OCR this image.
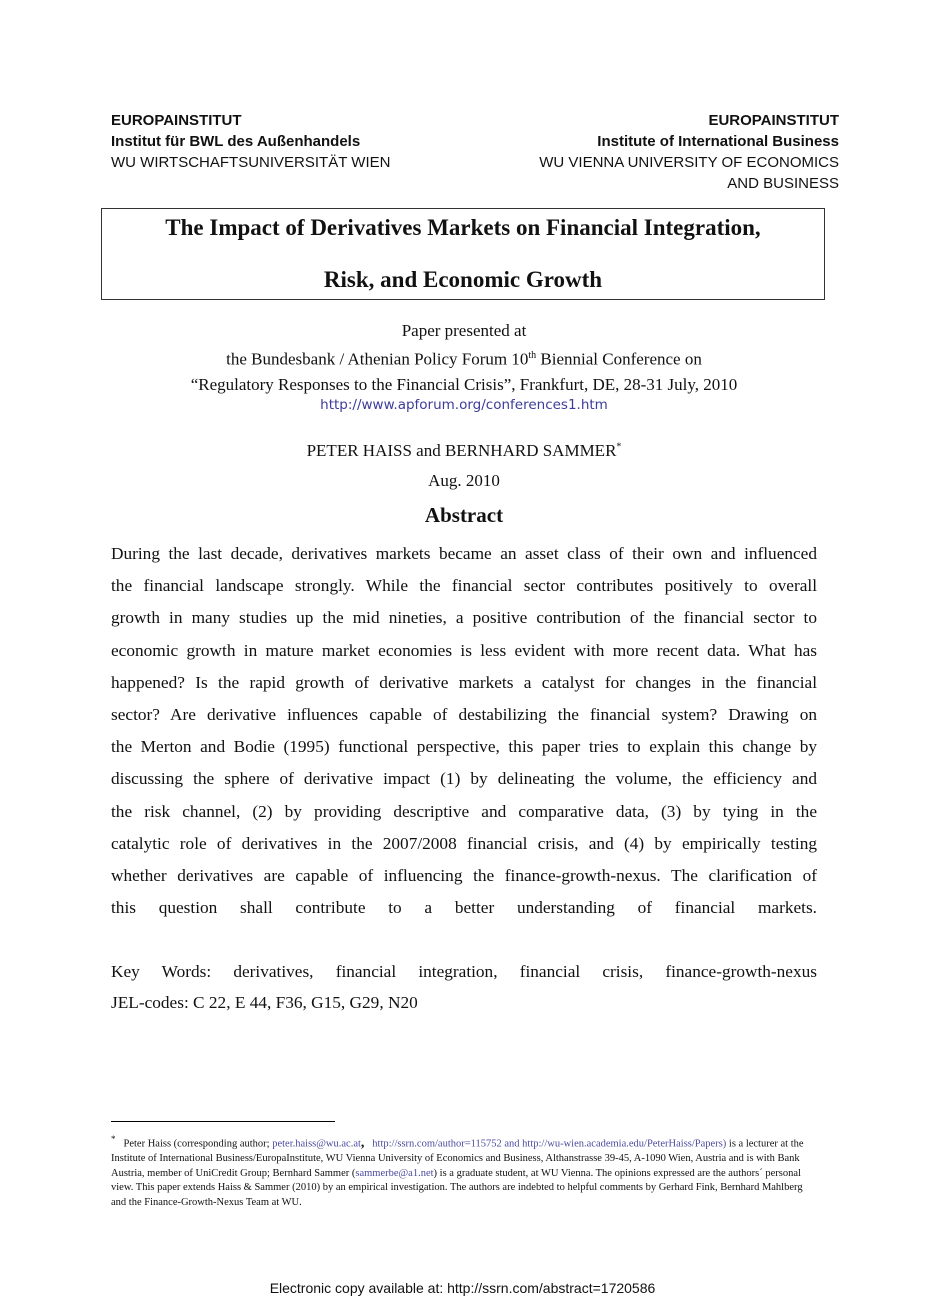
EUROPAINSTITUT
Institut für BWL des Außenhandels
WU WIRTSCHAFTSUNIVERSITÄT WIEN
EUROPAINSTITUT
Institute of International Business
WU VIENNA UNIVERSITY OF ECONOMICS
AND BUSINESS
The Impact of Derivatives Markets on Financial Integration,
Risk, and Economic Growth
Paper presented at
the Bundesbank / Athenian Policy Forum 10th Biennial Conference on
“Regulatory Responses to the Financial Crisis”, Frankfurt, DE, 28-31 July, 2010
http://www.apforum.org/conferences1.htm
PETER HAISS and BERNHARD SAMMER*
Aug. 2010
Abstract
During the last decade, derivatives markets became an asset class of their own and influenced
the financial landscape strongly. While the financial sector contributes positively to overall
growth in many studies up the mid nineties, a positive contribution of the financial sector to
economic growth in mature market economies is less evident with more recent data. What has
happened? Is the rapid growth of derivative markets a catalyst for changes in the financial
sector? Are derivative influences capable of destabilizing the financial system? Drawing on
the Merton and Bodie (1995) functional perspective, this paper tries to explain this change by
discussing the sphere of derivative impact (1) by delineating the volume, the efficiency and
the risk channel, (2) by providing descriptive and comparative data, (3) by tying in the
catalytic role of derivatives in the 2007/2008 financial crisis, and (4) by empirically testing
whether derivatives are capable of influencing the finance-growth-nexus. The clarification of
this question shall contribute to a better understanding of financial markets.
Key Words: derivatives, financial integration, financial crisis, finance-growth-nexus
JEL-codes: C 22, E 44, F36, G15, G29, N20
* Peter Haiss (corresponding author; peter.haiss@wu.ac.at, http://ssrn.com/author=115752 and http://wu-wien.academia.edu/PeterHaiss/Papers) is a lecturer at the Institute of International Business/EuropaInstitute, WU Vienna University of Economics and Business, Althanstrasse 39-45, A-1090 Wien, Austria and is with Bank Austria, member of UniCredit Group; Bernhard Sammer (sammerbe@a1.net) is a graduate student, at WU Vienna. The opinions expressed are the authors´ personal view. This paper extends Haiss & Sammer (2010) by an empirical investigation. The authors are indebted to helpful comments by Gerhard Fink, Bernhard Mahlberg and the Finance-Growth-Nexus Team at WU.
Electronic copy available at: http://ssrn.com/abstract=1720586
